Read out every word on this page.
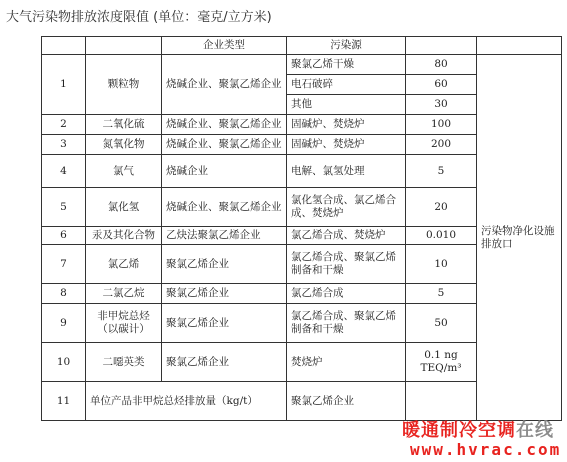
大气污染物排放浓度限值 (单位：毫克/立方米)
		企业类型	污染源		
1	颗粒物	烧碱企业、聚氯乙烯企业	聚氯乙烯干燥	80	污染物净化设施排放口
			电石破碎	60	
			其他	30	
2	二氧化硫	烧碱企业、聚氯乙烯企业	固碱炉、焚烧炉	100	
3	氮氧化物	烧碱企业、聚氯乙烯企业	固碱炉、焚烧炉	200	
4	氯气	烧碱企业	电解、氯氢处理	5	
5	氯化氢	烧碱企业、聚氯乙烯企业	氯化氢合成、氯乙烯合成、焚烧炉	20	
6	汞及其化合物	乙炔法聚氯乙烯企业	氯乙烯合成、焚烧炉	0.010	
7	氯乙烯	聚氯乙烯企业	氯乙烯合成、聚氯乙烯制备和干燥	10	
8	二氯乙烷	聚氯乙烯企业	氯乙烯合成	5	
9	非甲烷总烃（以碳计）	聚氯乙烯企业	氯乙烯合成、聚氯乙烯制备和干燥	50	
10	二噁英类	聚氯乙烯企业	焚烧炉	0.1 ng TEQ/m³	
11	单位产品非甲烷总烃排放量（kg/t）		聚氯乙烯企业		
暖通制冷空调在线
www.hvrac.com
